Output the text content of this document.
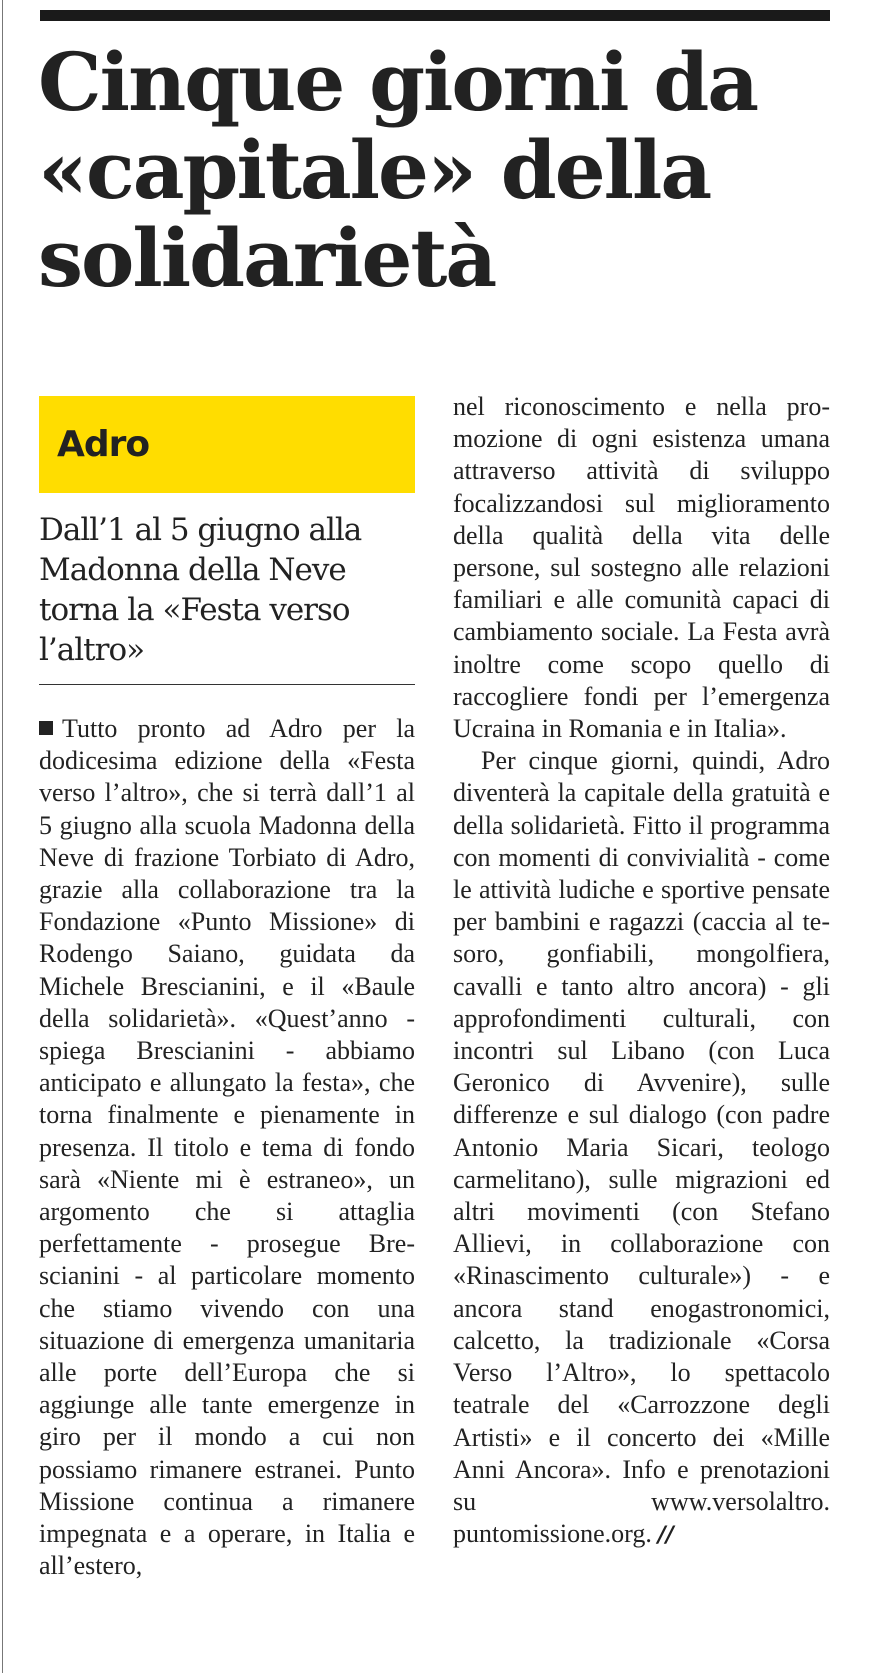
Cinque giorni da «capitale» della solidarietà
Adro
Dall’1 al 5 giugno alla Madonna della Neve torna la «Festa verso l’altro»

Tutto pronto ad Adro per la dodicesima edizione della «Festa verso l’altro», che si terrà dall’1 al 5 giugno alla scuola Madonna della Neve di frazione Torbiato di Adro, grazie alla collaborazione tra la Fondazione «Punto Missione» di Rodengo Saiano, guidata da Michele Brescianini, e il «Baule della solidarietà». «Quest’anno - spiega Brescianini - abbiamo anticipato e allungato la festa», che torna finalmente e pienamente in presenza. Il titolo e tema di fondo sarà «Niente mi è estraneo», un argomento che si attaglia perfettamente - prosegue Brescianini - al particolare momento che stiamo vivendo con una situazione di emergenza umanitaria alle porte dell’Europa che si aggiunge alle tante emergenze in giro per il mondo a cui non possiamo rimanere estranei. Punto Missione continua a rimanere impegnata e a operare, in Italia e all’estero,

nel riconoscimento e nella promozione di ogni esistenza umana attraverso attività di sviluppo focalizzandosi sul miglioramento della qualità della vita delle persone, sul sostegno alle relazioni familiari e alle comunità capaci di cambiamento sociale. La Festa avrà inoltre come scopo quello di raccogliere fondi per l’emergenza Ucraina in Romania e in Italia».

Per cinque giorni, quindi, Adro diventerà la capitale della gratuità e della solidarietà. Fitto il programma con momenti di convivialità - come le attività ludiche e sportive pensate per bambini e ragazzi (caccia al tesoro, gonfiabili, mongolfiera, cavalli e tanto altro ancora) - gli approfondimenti culturali, con incontri sul Libano (con Luca Geronico di Avvenire), sulle differenze e sul dialogo (con padre Antonio Maria Sicari, teologo carmelitano), sulle migrazioni ed altri movimenti (con Stefano Allievi, in collaborazione con «Rinascimento culturale») - e ancora stand enogastronomici, calcetto, la tradizionale «Corsa Verso l’Altro», lo spettacolo teatrale del «Carrozzone degli Artisti» e il concerto dei «Mille Anni Ancora». Info e prenotazioni su www.versolaltro. puntomissione.org. //
